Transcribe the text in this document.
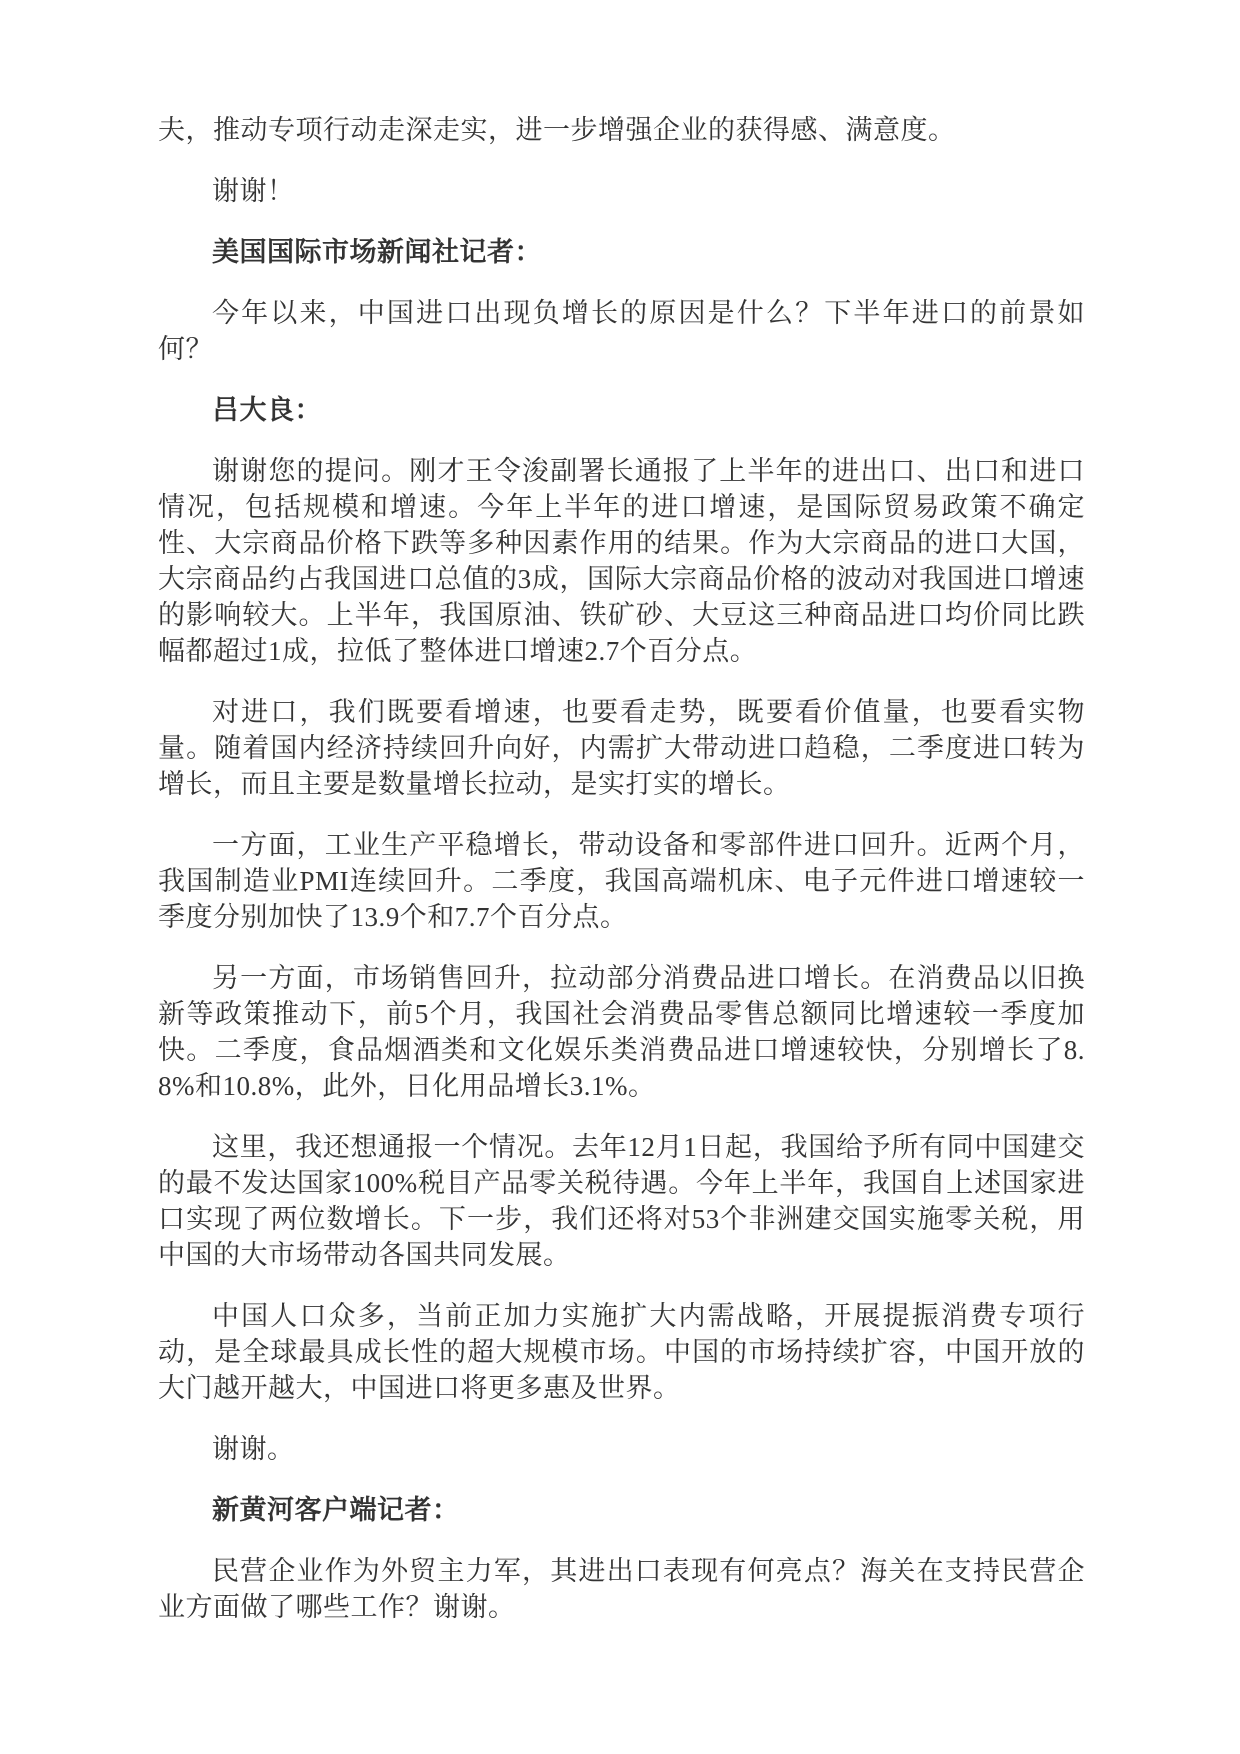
夫，推动专项行动走深走实，进一步增强企业的获得感、满意度。

谢谢！

美国国际市场新闻社记者：

今年以来，中国进口出现负增长的原因是什么？下半年进口的前景如何？

吕大良：

谢谢您的提问。刚才王令浚副署长通报了上半年的进出口、出口和进口情况，包括规模和增速。今年上半年的进口增速，是国际贸易政策不确定性、大宗商品价格下跌等多种因素作用的结果。作为大宗商品的进口大国，大宗商品约占我国进口总值的3成，国际大宗商品价格的波动对我国进口增速的影响较大。上半年，我国原油、铁矿砂、大豆这三种商品进口均价同比跌幅都超过1成，拉低了整体进口增速2.7个百分点。

对进口，我们既要看增速，也要看走势，既要看价值量，也要看实物量。随着国内经济持续回升向好，内需扩大带动进口趋稳，二季度进口转为增长，而且主要是数量增长拉动，是实打实的增长。

一方面，工业生产平稳增长，带动设备和零部件进口回升。近两个月，我国制造业PMI连续回升。二季度，我国高端机床、电子元件进口增速较一季度分别加快了13.9个和7.7个百分点。

另一方面，市场销售回升，拉动部分消费品进口增长。在消费品以旧换新等政策推动下，前5个月，我国社会消费品零售总额同比增速较一季度加快。二季度，食品烟酒类和文化娱乐类消费品进口增速较快，分别增长了8.8%和10.8%，此外，日化用品增长3.1%。

这里，我还想通报一个情况。去年12月1日起，我国给予所有同中国建交的最不发达国家100%税目产品零关税待遇。今年上半年，我国自上述国家进口实现了两位数增长。下一步，我们还将对53个非洲建交国实施零关税，用中国的大市场带动各国共同发展。

中国人口众多，当前正加力实施扩大内需战略，开展提振消费专项行动，是全球最具成长性的超大规模市场。中国的市场持续扩容，中国开放的大门越开越大，中国进口将更多惠及世界。

谢谢。

新黄河客户端记者：

民营企业作为外贸主力军，其进出口表现有何亮点？海关在支持民营企业方面做了哪些工作？谢谢。
